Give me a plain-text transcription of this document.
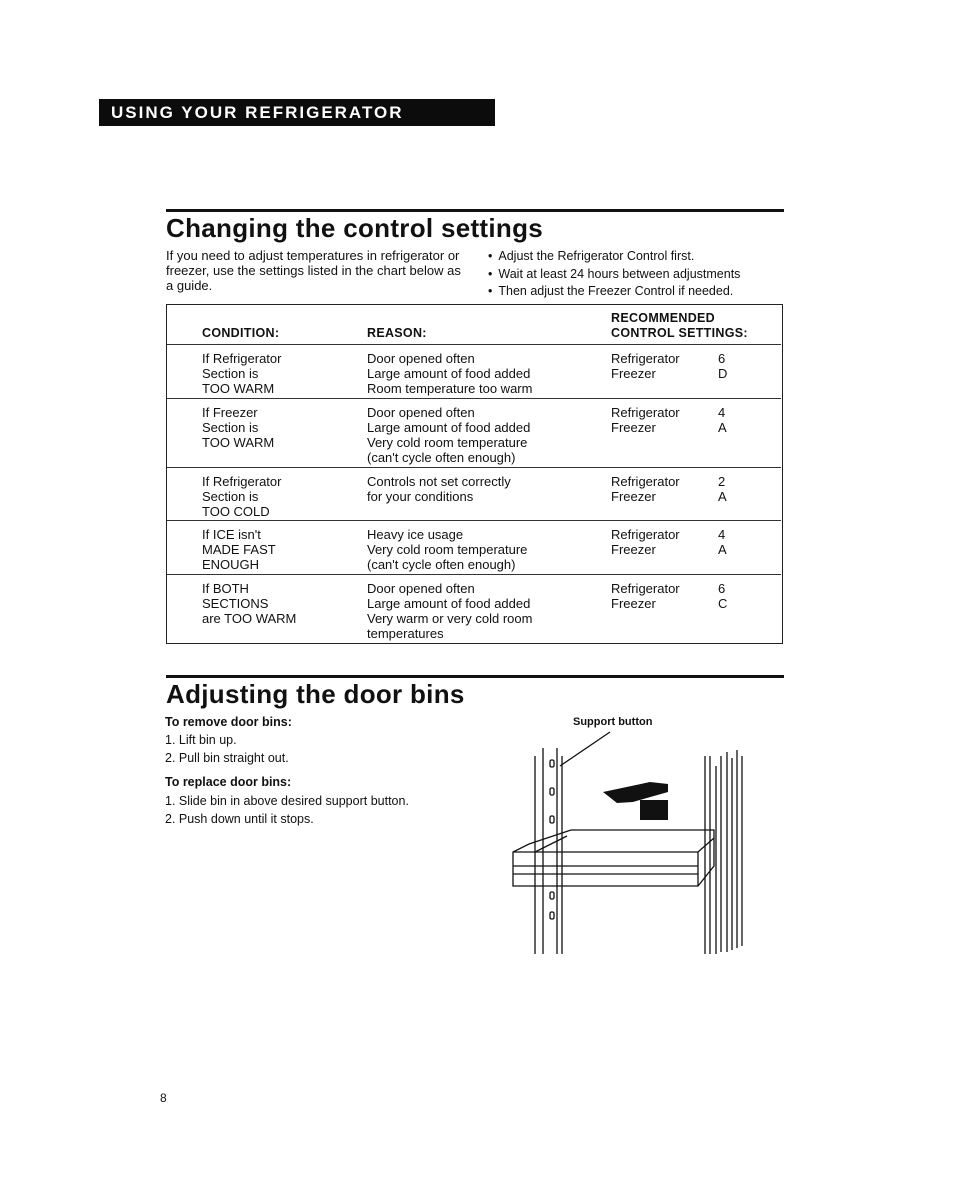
USING YOUR REFRIGERATOR
Changing the control settings
If you need to adjust temperatures in refrigerator or freezer, use the settings listed in the chart below as a guide.
• Adjust the Refrigerator Control first.
• Wait at least 24 hours between adjustments
• Then adjust the Freezer Control if needed.
CONDITION:	REASON:
RECOMMENDED
CONTROL SETTINGS:
If Refrigerator
Section is
TOO WARM
Door opened often
Large amount of food added
Room temperature too warm
Refrigerator
Freezer
6
D
If Freezer
Section is
TOO WARM
Door opened often
Large amount of food added
Very cold room temperature
(can't cycle often enough)
Refrigerator
Freezer
4
A
If Refrigerator
Section is
TOO COLD
Controls not set correctly
for your conditions
Refrigerator
Freezer
2
A
If ICE isn't
MADE FAST
ENOUGH
Heavy ice usage
Very cold room temperature
(can't cycle often enough)
Refrigerator
Freezer
4
A
If BOTH
SECTIONS
are TOO WARM
Door opened often
Large amount of food added
Very warm or very cold room
temperatures
Refrigerator
Freezer
6
C
Adjusting the door bins
To remove door bins:
1. Lift bin up.
2. Pull bin straight out.
To replace door bins:
1. Slide bin in above desired support button.
2. Push down until it stops.
Support button
8
